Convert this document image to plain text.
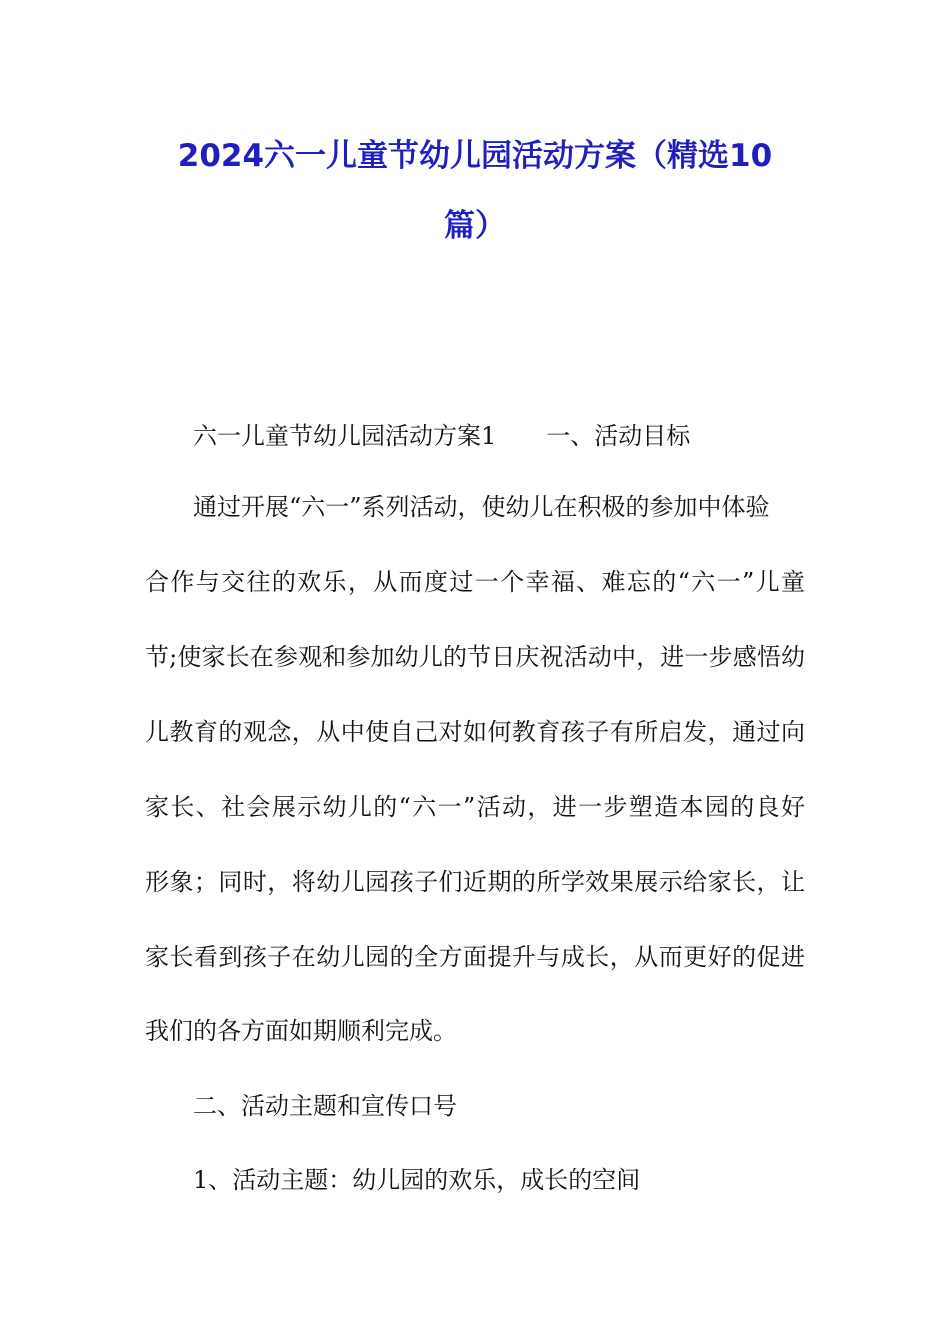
2024六一儿童节幼儿园活动方案（精选10
篇）
六一儿童节幼儿园活动方案1 一、活动目标
通过开展“六一”系列活动，使幼儿在积极的参加中体验
合作与交往的欢乐，从而度过一个幸福、难忘的“六一”儿童
节;使家长在参观和参加幼儿的节日庆祝活动中，进一步感悟幼
儿教育的观念，从中使自己对如何教育孩子有所启发，通过向
家长、社会展示幼儿的“六一”活动，进一步塑造本园的良好
形象；同时，将幼儿园孩子们近期的所学效果展示给家长，让
家长看到孩子在幼儿园的全方面提升与成长，从而更好的促进
我们的各方面如期顺利完成。
二、活动主题和宣传口号
1、活动主题：幼儿园的欢乐，成长的空间
